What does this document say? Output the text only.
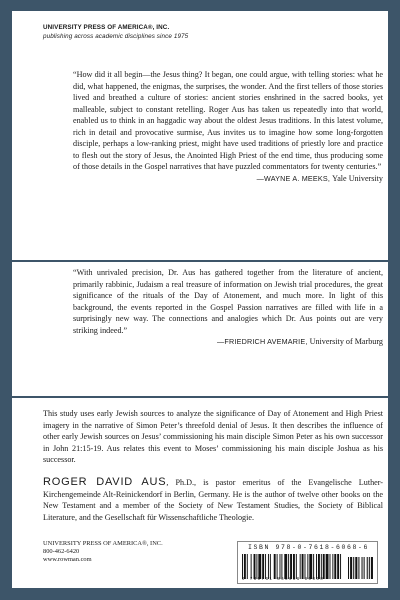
UNIVERSITY PRESS OF AMERICA®, INC.
publishing across academic disciplines since 1975

“How did it all begin—the Jesus thing? It began, one could argue, with telling stories: what he did, what happened, the enigmas, the surprises, the wonder. And the first tellers of those stories lived and breathed a culture of stories: ancient stories enshrined in the sacred books, yet malleable, subject to constant retelling. Roger Aus has taken us repeatedly into that world, enabled us to think in an haggadic way about the oldest Jesus traditions. In this latest volume, rich in detail and provocative surmise, Aus invites us to imagine how some long-forgotten disciple, perhaps a low-ranking priest, might have used traditions of priestly lore and practice to flesh out the story of Jesus, the Anointed High Priest of the end time, thus producing some of those details in the Gospel narratives that have puzzled commentators for twenty centuries.”

—WAYNE A. MEEKS, Yale University

“With unrivaled precision, Dr. Aus has gathered together from the literature of ancient, primarily rabbinic, Judaism a real treasure of information on Jewish trial procedures, the great significance of the rituals of the Day of Atonement, and much more. In light of this background, the events reported in the Gospel Passion narratives are filled with life in a surprisingly new way. The connections and analogies which Dr. Aus points out are very striking indeed.”

—FRIEDRICH AVEMARIE, University of Marburg

This study uses early Jewish sources to analyze the significance of Day of Atonement and High Priest imagery in the narrative of Simon Peter’s threefold denial of Jesus. It then describes the influence of other early Jewish sources on Jesus’ commissioning his main disciple Simon Peter as his own successor in John 21:15-19. Aus relates this event to Moses’ commissioning his main disciple Joshua as his successor.

ROGER DAVID AUS, Ph.D., is pastor emeritus of the Evangelische Luther-Kirchengemeinde Alt-Reinickendorf in Berlin, Germany. He is the author of twelve other books on the New Testament and a member of the Society of New Testament Studies, the Society of Biblical Literature, and the Gesellschaft für Wissenschaftliche Theologie.

UNIVERSITY PRESS OF AMERICA®, INC.
800-462-6420
www.rowman.com
ISBN 978-0-7618-6068-6
9 780761 860686 90000
